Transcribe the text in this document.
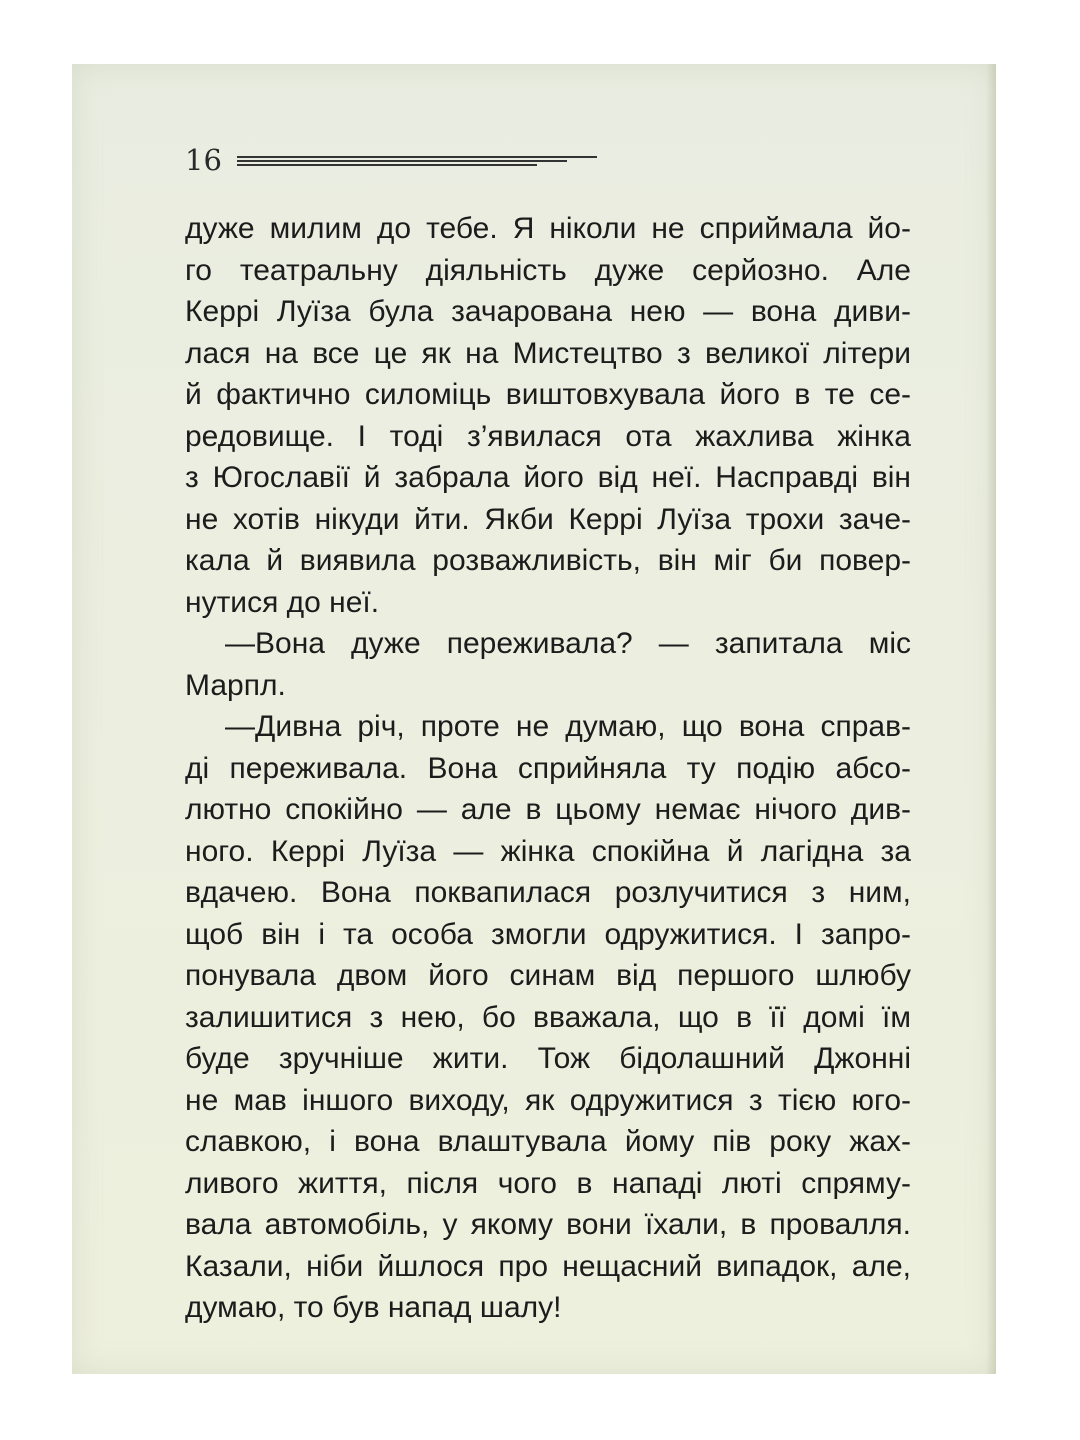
16
дуже милим до тебе. Я ніколи не сприймала йо-
го театральну діяльність дуже серйозно. Але
Керрі Луїза була зачарована нею — вона диви-
лася на все це як на Мистецтво з великої літери
й фактично силоміць виштовхувала його в те се-
редовище. І тоді з’явилася ота жахлива жінка
з Югославії й забрала його від неї. Насправді він
не хотів нікуди йти. Якби Керрі Луїза трохи заче-
кала й виявила розважливість, він міг би повер-
нутися до неї.
—Вона дуже переживала? — запитала міс
Марпл.
—Дивна річ, проте не думаю, що вона справ-
ді переживала. Вона сприйняла ту подію абсо-
лютно спокійно — але в цьому немає нічого див-
ного. Керрі Луїза — жінка спокійна й лагідна за
вдачею. Вона поквапилася розлучитися з ним,
щоб він і та особа змогли одружитися. І запро-
понувала двом його синам від першого шлюбу
залишитися з нею, бо вважала, що в її домі їм
буде зручніше жити. Тож бідолашний Джонні
не мав іншого виходу, як одружитися з тією юго-
славкою, і вона влаштувала йому пів року жах-
ливого життя, після чого в нападі люті спряму-
вала автомобіль, у якому вони їхали, в провалля.
Казали, ніби йшлося про нещасний випадок, але,
думаю, то був напад шалу!
